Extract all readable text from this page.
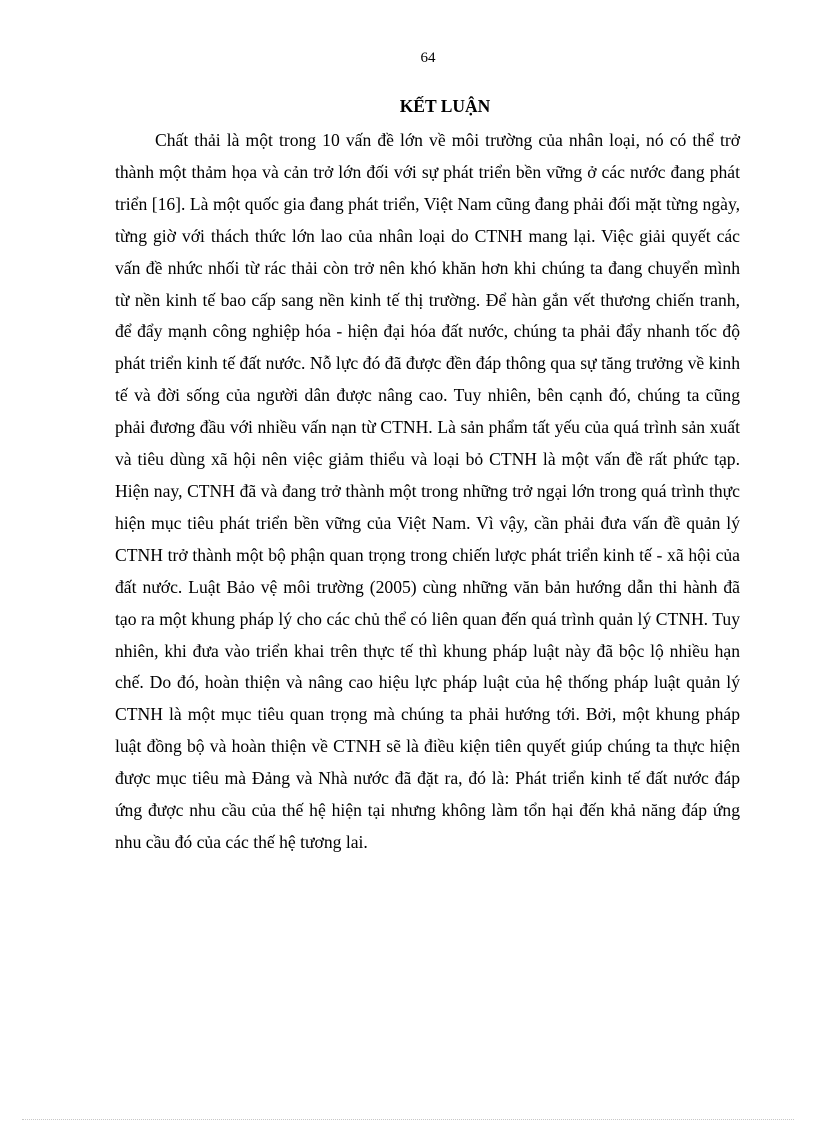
64
KẾT LUẬN

Chất thải là một trong 10 vấn đề lớn về môi trường của nhân loại, nó có thể trở thành một thảm họa và cản trở lớn đối với sự phát triển bền vững ở các nước đang phát triển [16]. Là một quốc gia đang phát triển, Việt Nam cũng đang phải đối mặt từng ngày, từng giờ với thách thức lớn lao của nhân loại do CTNH mang lại. Việc giải quyết các vấn đề nhức nhối từ rác thải còn trở nên khó khăn hơn khi chúng ta đang chuyển mình từ nền kinh tế bao cấp sang nền kinh tế thị trường. Để hàn gắn vết thương chiến tranh, để đẩy mạnh công nghiệp hóa - hiện đại hóa đất nước, chúng ta phải đẩy nhanh tốc độ phát triển kinh tế đất nước. Nỗ lực đó đã được đền đáp thông qua sự tăng trưởng về kinh tế và đời sống của người dân được nâng cao. Tuy nhiên, bên cạnh đó, chúng ta cũng phải đương đầu với nhiều vấn nạn từ CTNH. Là sản phẩm tất yếu của quá trình sản xuất và tiêu dùng xã hội nên việc giảm thiểu và loại bỏ CTNH là một vấn đề rất phức tạp. Hiện nay, CTNH đã và đang trở thành một trong những trở ngại lớn trong quá trình thực hiện mục tiêu phát triển bền vững của Việt Nam. Vì vậy, cần phải đưa vấn đề quản lý CTNH trở thành một bộ phận quan trọng trong chiến lược phát triển kinh tế - xã hội của đất nước. Luật Bảo vệ môi trường (2005) cùng những văn bản hướng dẫn thi hành đã tạo ra một khung pháp lý cho các chủ thể có liên quan đến quá trình quản lý CTNH. Tuy nhiên, khi đưa vào triển khai trên thực tế thì khung pháp luật này đã bộc lộ nhiều hạn chế. Do đó, hoàn thiện và nâng cao hiệu lực pháp luật của hệ thống pháp luật quản lý CTNH là một mục tiêu quan trọng mà chúng ta phải hướng tới. Bởi, một khung pháp luật đồng bộ và hoàn thiện về CTNH sẽ là điều kiện tiên quyết giúp chúng ta thực hiện được mục tiêu mà Đảng và Nhà nước đã đặt ra, đó là: Phát triển kinh tế đất nước đáp ứng được nhu cầu của thế hệ hiện tại nhưng không làm tổn hại đến khả năng đáp ứng nhu cầu đó của các thế hệ tương lai.
